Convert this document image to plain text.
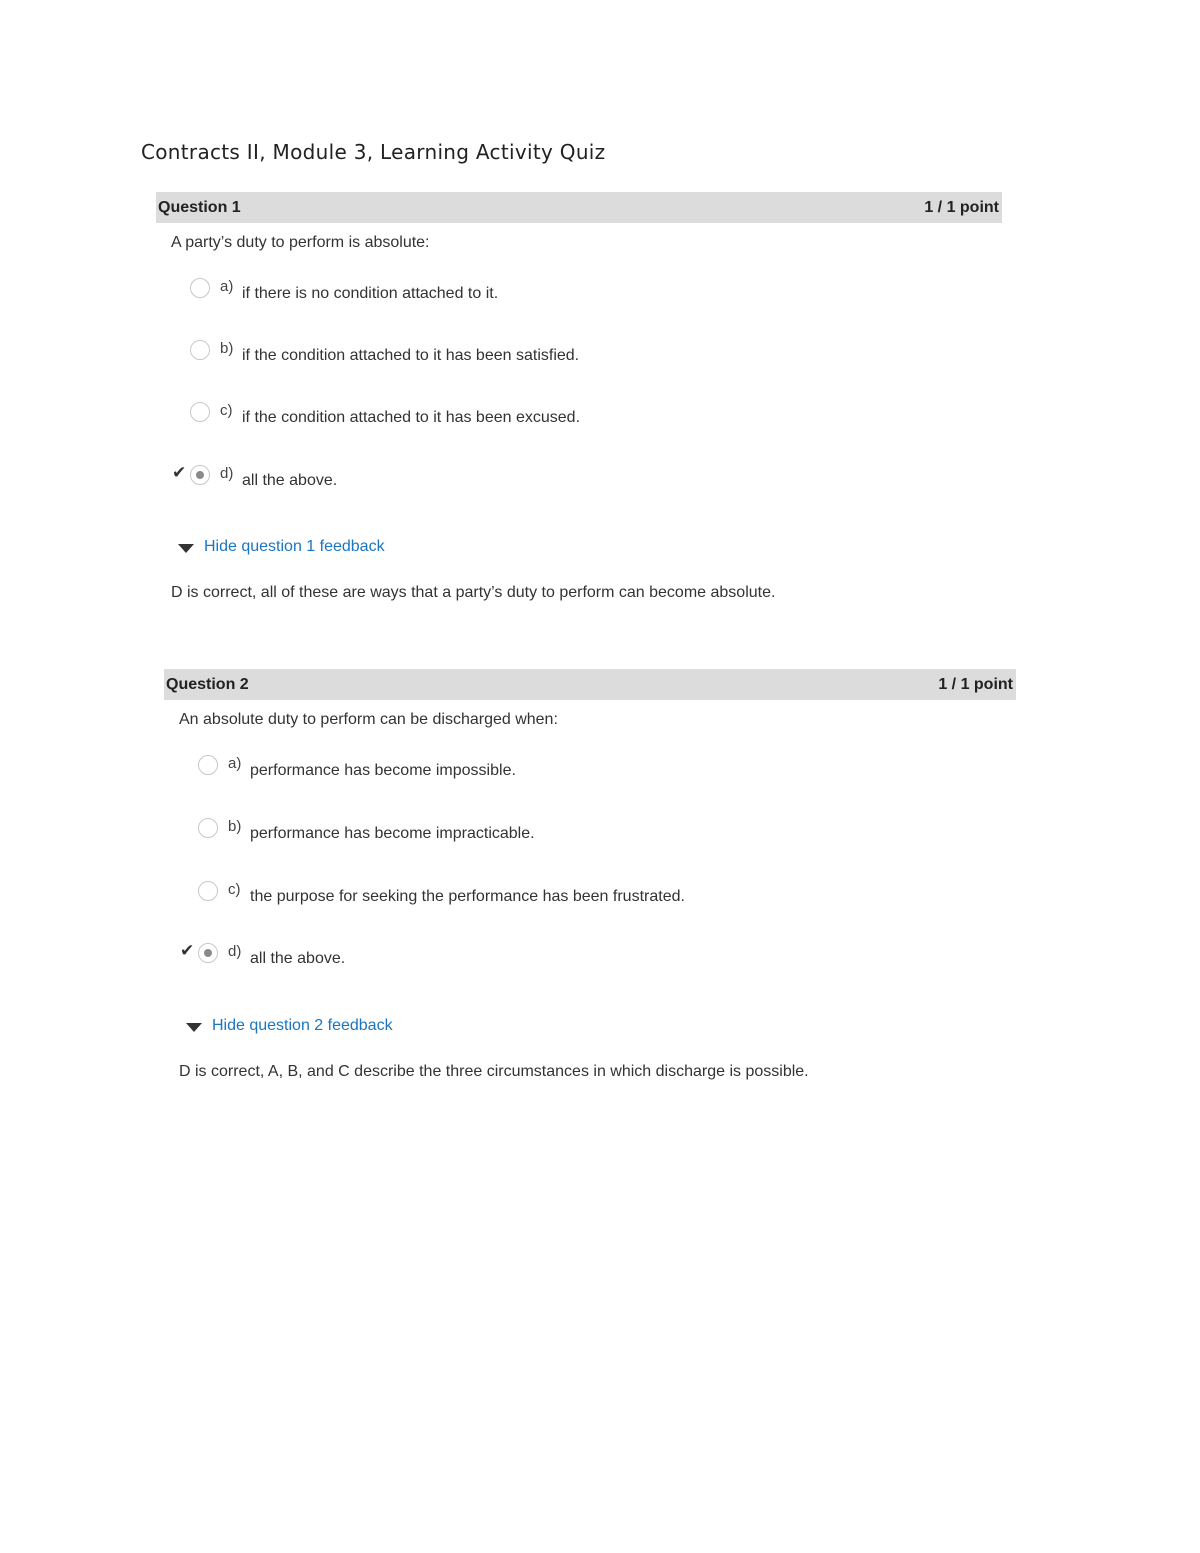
Contracts II, Module 3, Learning Activity Quiz
Question 1	1 / 1 point
A party’s duty to perform is absolute:
a) if there is no condition attached to it.
b) if the condition attached to it has been satisfied.
c) if the condition attached to it has been excused.
✔ d) all the above.
Hide question 1 feedback
D is correct, all of these are ways that a party’s duty to perform can become absolute.
Question 2	1 / 1 point
An absolute duty to perform can be discharged when:
a) performance has become impossible.
b) performance has become impracticable.
c) the purpose for seeking the performance has been frustrated.
✔ d) all the above.
Hide question 2 feedback
D is correct, A, B, and C describe the three circumstances in which discharge is possible.
